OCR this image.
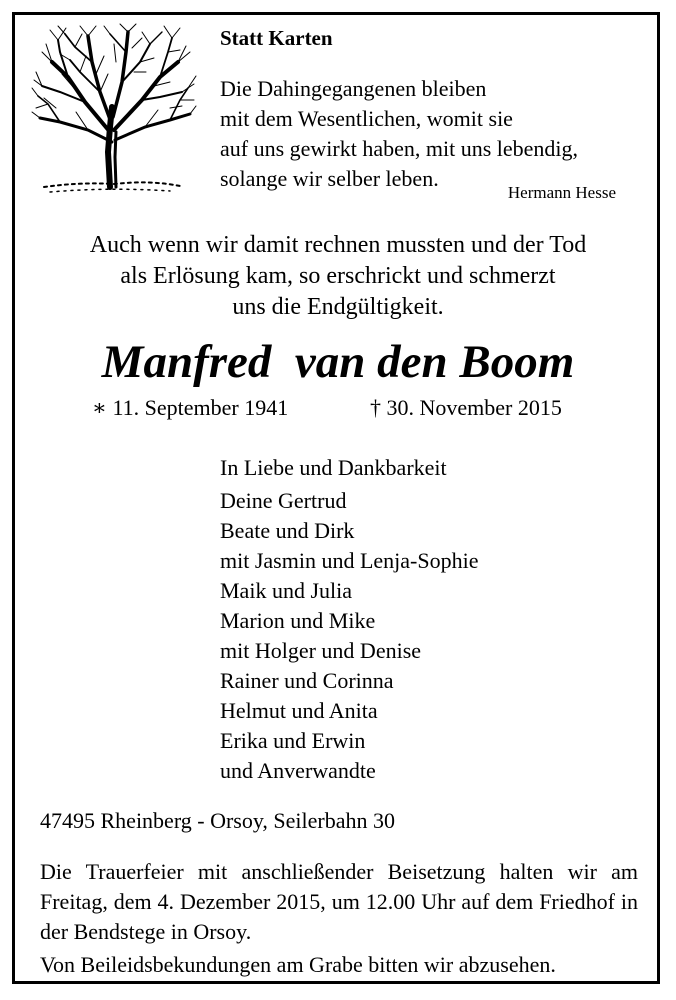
Statt Karten
Die Dahingegangenen bleiben
mit dem Wesentlichen, womit sie
auf uns gewirkt haben, mit uns lebendig,
solange wir selber leben.
Hermann Hesse
Auch wenn wir damit rechnen mussten und der Tod
als Erlösung kam, so erschrickt und schmerzt
uns die Endgültigkeit.
Manfred  van den Boom
∗ 11. September 1941	† 30. November 2015
In Liebe und Dankbarkeit
Deine Gertrud
Beate und Dirk
mit Jasmin und Lenja-Sophie
Maik und Julia
Marion und Mike
mit Holger und Denise
Rainer und Corinna
Helmut und Anita
Erika und Erwin
und Anverwandte
47495 Rheinberg - Orsoy, Seilerbahn 30
Die Trauerfeier mit anschließender Beisetzung halten wir am Freitag, dem 4. Dezember 2015, um 12.00 Uhr auf dem Friedhof in der Bendstege in Orsoy.
Von Beileidsbekundungen am Grabe bitten wir abzusehen.
